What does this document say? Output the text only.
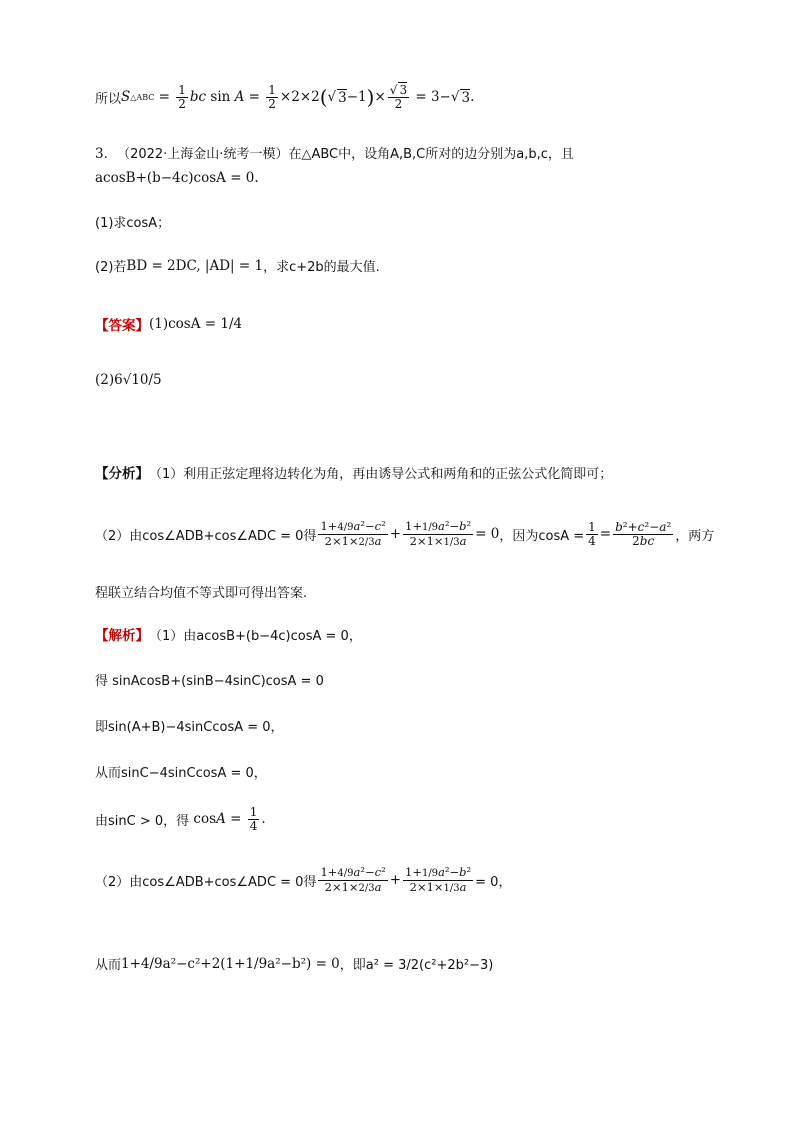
所以 S △ABC = $\frac{1}{2}$ bc $\sin A = \frac{1}{2} \times 2\times 2$ ( √ 3 −1 ) × $\frac{√ 3}{2} = 3-√$ 3 .
3． （2022·上海金山·统考一模） 在△ABC中，设角A,B,C所对的边分别为a,b,c，且
acosB+(b−4c)cosA = 0.
(1)求cosA；
(2)若 BD = 2DC, |AD| = 1 ，求c+2b的最大值.
【答案】 (1)cosA = 1/4
(2)6√10/5
【分析】 （1）利用正弦定理将边转化为角，再由诱导公式和两角和的正弦公式化简即可；
（2）由cos∠ADB+cos∠ADC = 0得 $\frac{\text{1+4/9a²−c²}}{2\times 1\times 2/3a} + \frac{\text{1+1/9a²−b²}}{2\times 1\times 1/3a} = 0$ ，因为$\cos A = \frac{1}{4} = \frac{\text{b²+c²−a²}}{2bc}$ ，两方
程联立结合均值不等式即可得出答案.
【解析】 （1）由acosB+(b−4c)cosA = 0，
得 sinAcosB+(sinB−4sinC)cosA = 0
即sin(A+B)−4sinCcosA = 0，
从而sinC−4sinCcosA = 0，
由sinC > 0，得 $\cos A = \frac{1}{4}$ .
（2）由cos∠ADB+cos∠ADC = 0得 $\frac{\text{1+4/9a²−c²}}{2\times 1\times 2/3a} + \frac{\text{1+1/9a²−b²}}{2\times 1\times 1/3a} = 0$，
从而 1+4/9a²−c²+2(1+1/9a²−b²) = 0 ，即a² = 3/2(c²+2b²−3)
